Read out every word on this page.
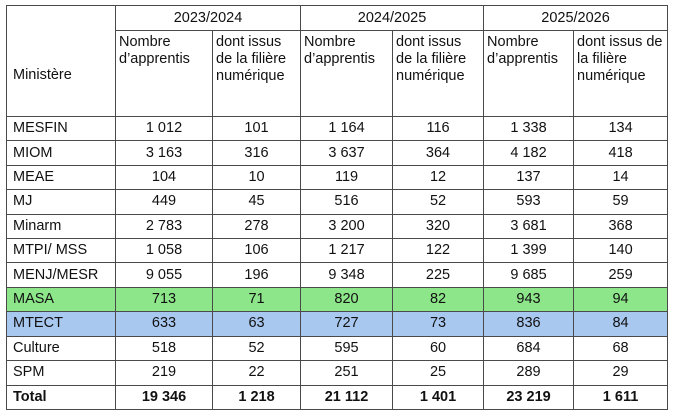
Ministère	2023/2024		2024/2025		2025/2026	
	Nombre d’apprentis	dont issus de la filière numérique	Nombre d’apprentis	dont issus de la filière numérique	Nombre d’apprentis	dont issus de la filière numérique
MESFIN	1 012	101	1 164	116	1 338	134
MIOM	3 163	316	3 637	364	4 182	418
MEAE	104	10	119	12	137	14
MJ	449	45	516	52	593	59
Minarm	2 783	278	3 200	320	3 681	368
MTPI/ MSS	1 058	106	1 217	122	1 399	140
MENJ/MESR	9 055	196	9 348	225	9 685	259
MASA	713	71	820	82	943	94
MTECT	633	63	727	73	836	84
Culture	518	52	595	60	684	68
SPM	219	22	251	25	289	29
Total	19 346	1 218	21 112	1 401	23 219	1 611
